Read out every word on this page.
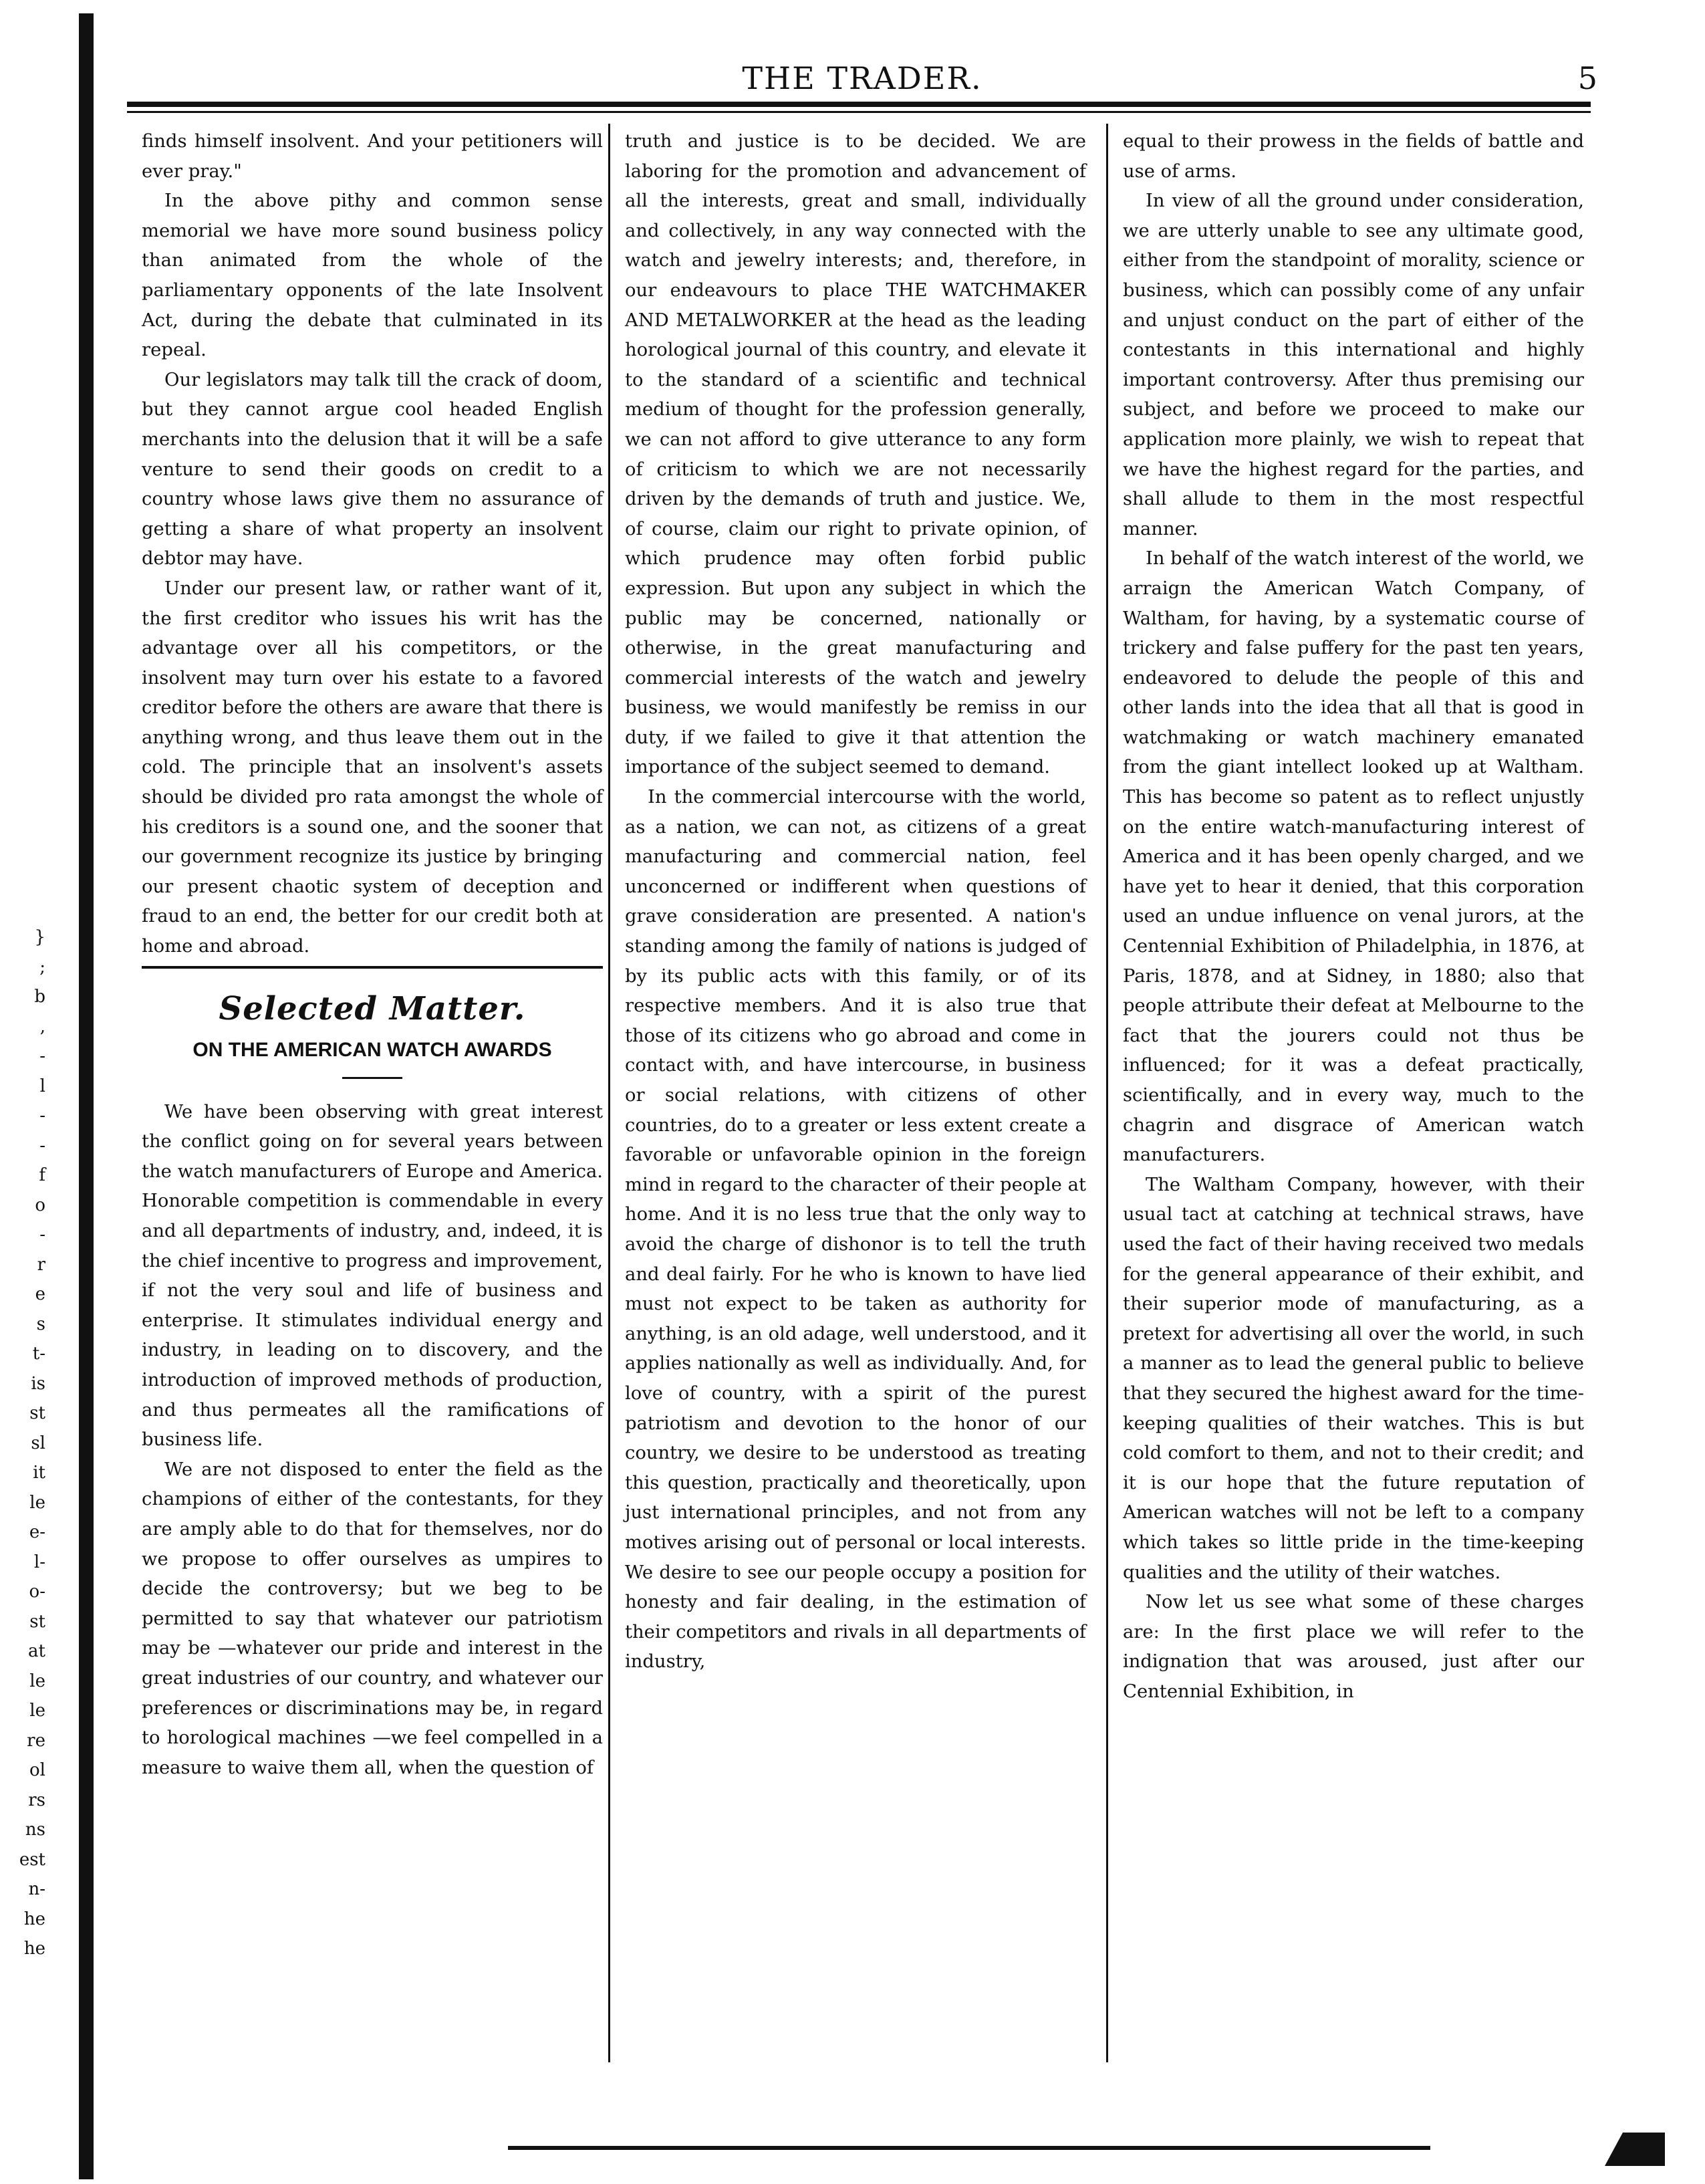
}
;
b
,
-
l
-
-
f
o
-
r
e
s
t-
is
st
sl
it
le
e-
l-
o-
st
at
le
le
re
ol
rs
ns
est
n-
he
he
THE TRADER.	5

finds himself insolvent. And your petitioners will ever pray."

In the above pithy and common sense memorial we have more sound business policy than animated from the whole of the parliamentary opponents of the late Insolvent Act, during the debate that culminated in its repeal.

Our legislators may talk till the crack of doom, but they cannot argue cool headed English merchants into the delusion that it will be a safe venture to send their goods on credit to a country whose laws give them no assurance of getting a share of what property an insolvent debtor may have.

Under our present law, or rather want of it, the first creditor who issues his writ has the advantage over all his competitors, or the insolvent may turn over his estate to a favored creditor before the others are aware that there is anything wrong, and thus leave them out in the cold. The principle that an insolvent's assets should be divided pro rata amongst the whole of his creditors is a sound one, and the sooner that our government recognize its justice by bringing our present chaotic system of deception and fraud to an end, the better for our credit both at home and abroad.

Selected Matter.
ON THE AMERICAN WATCH AWARDS

We have been observing with great interest the conflict going on for several years between the watch manufacturers of Europe and America. Honorable competition is commendable in every and all departments of industry, and, indeed, it is the chief incentive to progress and improvement, if not the very soul and life of business and enterprise. It stimulates individual energy and industry, in leading on to discovery, and the introduction of improved methods of production, and thus permeates all the ramifications of business life.

We are not disposed to enter the field as the champions of either of the contestants, for they are amply able to do that for themselves, nor do we propose to offer ourselves as umpires to decide the controversy; but we beg to be permitted to say that whatever our patriotism may be —whatever our pride and interest in the great industries of our country, and whatever our preferences or discriminations may be, in regard to horological machines —we feel compelled in a measure to waive them all, when the question of

truth and justice is to be decided. We are laboring for the promotion and advancement of all the interests, great and small, individually and collectively, in any way connected with the watch and jewelry interests; and, therefore, in our endeavours to place THE WATCHMAKER AND METALWORKER at the head as the leading horological journal of this country, and elevate it to the standard of a scientific and technical medium of thought for the profession generally, we can not afford to give utterance to any form of criticism to which we are not necessarily driven by the demands of truth and justice. We, of course, claim our right to private opinion, of which prudence may often forbid public expression. But upon any subject in which the public may be concerned, nationally or otherwise, in the great manufacturing and commercial interests of the watch and jewelry business, we would manifestly be remiss in our duty, if we failed to give it that attention the importance of the subject seemed to demand.

In the commercial intercourse with the world, as a nation, we can not, as citizens of a great manufacturing and commercial nation, feel unconcerned or indifferent when questions of grave consideration are presented. A nation's standing among the family of nations is judged of by its public acts with this family, or of its respective members. And it is also true that those of its citizens who go abroad and come in contact with, and have intercourse, in business or social relations, with citizens of other countries, do to a greater or less extent create a favorable or unfavorable opinion in the foreign mind in regard to the character of their people at home. And it is no less true that the only way to avoid the charge of dishonor is to tell the truth and deal fairly. For he who is known to have lied must not expect to be taken as authority for anything, is an old adage, well understood, and it applies nationally as well as individually. And, for love of country, with a spirit of the purest patriotism and devotion to the honor of our country, we desire to be understood as treating this question, practically and theoretically, upon just international principles, and not from any motives arising out of personal or local interests. We desire to see our people occupy a position for honesty and fair dealing, in the estimation of their competitors and rivals in all departments of industry,

equal to their prowess in the fields of battle and use of arms.

In view of all the ground under consideration, we are utterly unable to see any ultimate good, either from the standpoint of morality, science or business, which can possibly come of any unfair and unjust conduct on the part of either of the contestants in this international and highly important controversy. After thus premising our subject, and before we proceed to make our application more plainly, we wish to repeat that we have the highest regard for the parties, and shall allude to them in the most respectful manner.

In behalf of the watch interest of the world, we arraign the American Watch Company, of Waltham, for having, by a systematic course of trickery and false puffery for the past ten years, endeavored to delude the people of this and other lands into the idea that all that is good in watchmaking or watch machinery emanated from the giant intellect looked up at Waltham. This has become so patent as to reflect unjustly on the entire watch-manufacturing interest of America and it has been openly charged, and we have yet to hear it denied, that this corporation used an undue influence on venal jurors, at the Centennial Exhibition of Philadelphia, in 1876, at Paris, 1878, and at Sidney, in 1880; also that people attribute their defeat at Melbourne to the fact that the jourers could not thus be influenced; for it was a defeat practically, scientifically, and in every way, much to the chagrin and disgrace of American watch manufacturers.

The Waltham Company, however, with their usual tact at catching at technical straws, have used the fact of their having received two medals for the general appearance of their exhibit, and their superior mode of manufacturing, as a pretext for advertising all over the world, in such a manner as to lead the general public to believe that they secured the highest award for the time-keeping qualities of their watches. This is but cold comfort to them, and not to their credit; and it is our hope that the future reputation of American watches will not be left to a company which takes so little pride in the time-keeping qualities and the utility of their watches.

Now let us see what some of these charges are: In the first place we will refer to the indignation that was aroused, just after our Centennial Exhibition, in
